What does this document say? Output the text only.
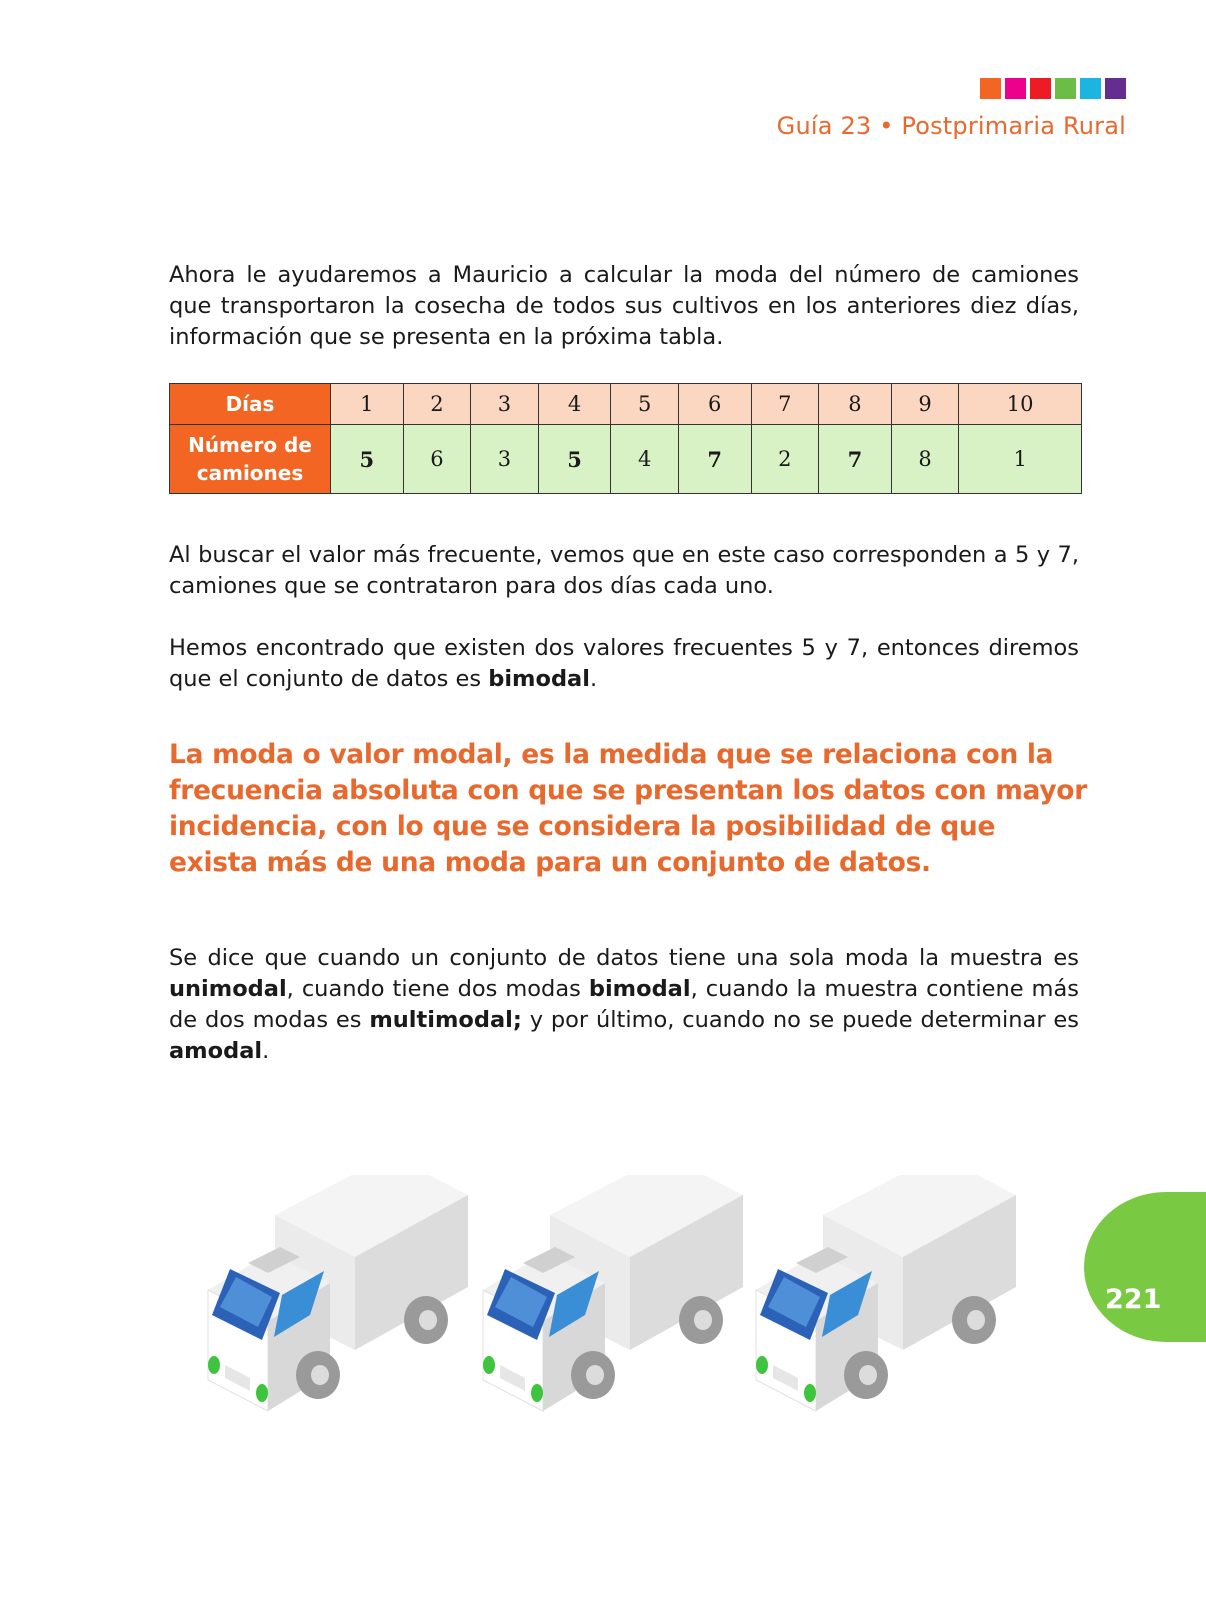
Guía 23 • Postprimaria Rural

Ahora le ayudaremos a Mauricio a calcular la moda del número de camiones que transportaron la cosecha de todos sus cultivos en los anteriores diez días, información que se presenta en la próxima tabla.

Días	1	2	3	4	5	6	7	8	9	10
Número de camiones	5	6	3	5	4	7	2	7	8	1

Al buscar el valor más frecuente, vemos que en este caso corresponden a 5 y 7, camiones que se contrataron para dos días cada uno.

Hemos encontrado que existen dos valores frecuentes 5 y 7, entonces diremos que el conjunto de datos es bimodal.

La moda o valor modal, es la medida que se relaciona con la frecuencia absoluta con que se presentan los datos con mayor incidencia, con lo que se considera la posibilidad de que exista más de una moda para un conjunto de datos.

Se dice que cuando un conjunto de datos tiene una sola moda la muestra es unimodal, cuando tiene dos modas bimodal, cuando la muestra contiene más de dos modas es multimodal; y por último, cuando no se puede determinar es amodal.

221
